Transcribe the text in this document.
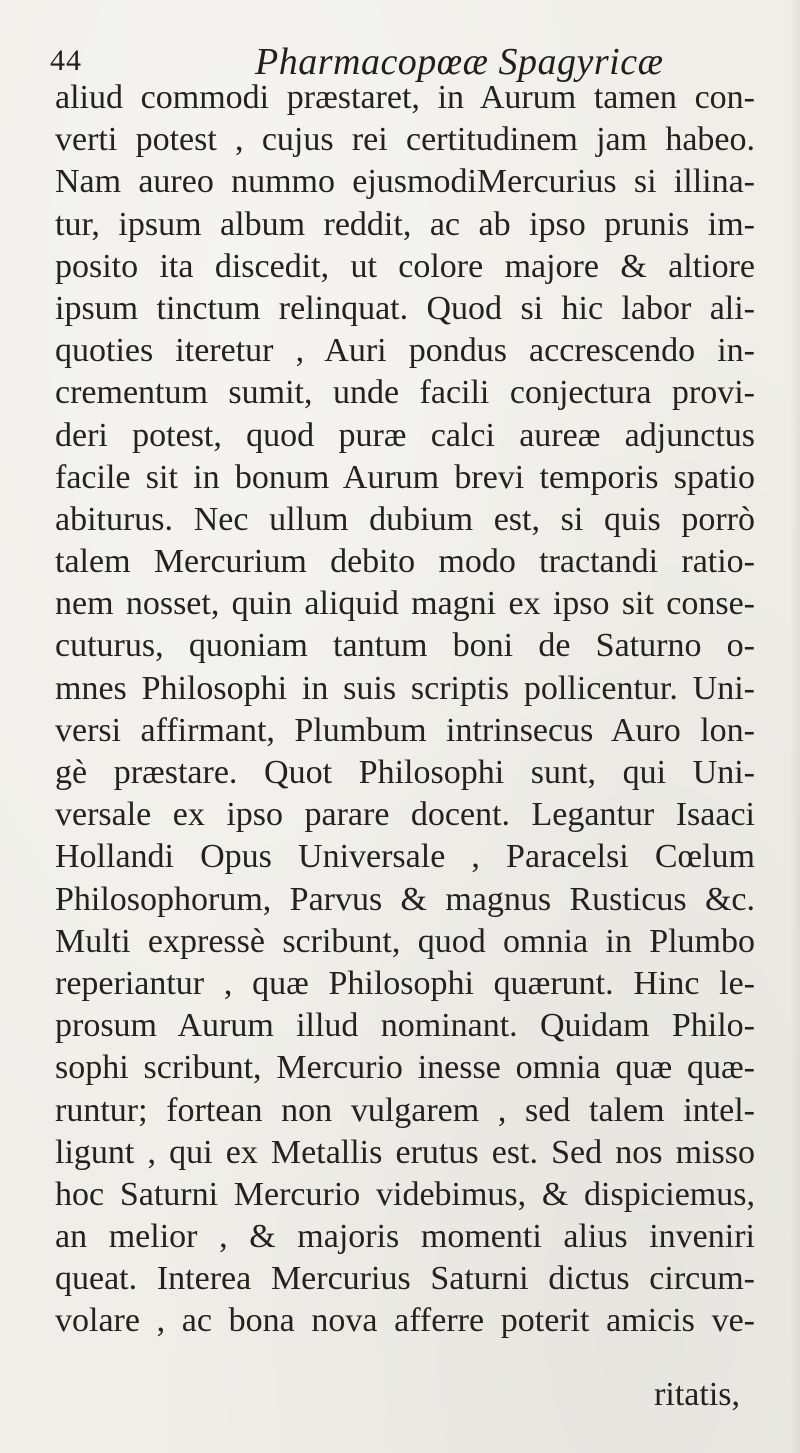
44	Pharmacopœæ Spagyricæ
aliud commodi præstaret, in Aurum tamen con-
verti potest , cujus rei certitudinem jam habeo.
Nam aureo nummo ejusmodiMercurius si illina-
tur, ipsum album reddit, ac ab ipso prunis im-
posito ita discedit, ut colore majore & altiore
ipsum tinctum relinquat. Quod si hic labor ali-
quoties iteretur , Auri pondus accrescendo in-
crementum sumit, unde facili conjectura provi-
deri potest, quod puræ calci aureæ adjunctus
facile sit in bonum Aurum brevi temporis spatio
abiturus. Nec ullum dubium est, si quis porrò
talem Mercurium debito modo tractandi ratio-
nem nosset, quin aliquid magni ex ipso sit conse-
cuturus, quoniam tantum boni de Saturno o-
mnes Philosophi in suis scriptis pollicentur. Uni-
versi affirmant, Plumbum intrinsecus Auro lon-
gè præstare. Quot Philosophi sunt, qui Uni-
versale ex ipso parare docent. Legantur Isaaci
Hollandi Opus Universale , Paracelsi Cœlum
Philosophorum, Parvus & magnus Rusticus &c.
Multi expressè scribunt, quod omnia in Plumbo
reperiantur , quæ Philosophi quærunt. Hinc le-
prosum Aurum illud nominant. Quidam Philo-
sophi scribunt, Mercurio inesse omnia quæ quæ-
runtur; fortean non vulgarem , sed talem intel-
ligunt , qui ex Metallis erutus est. Sed nos misso
hoc Saturni Mercurio videbimus, & dispiciemus,
an melior , & majoris momenti alius inveniri
queat. Interea Mercurius Saturni dictus circum-
volare , ac bona nova afferre poterit amicis ve-
ritatis,
